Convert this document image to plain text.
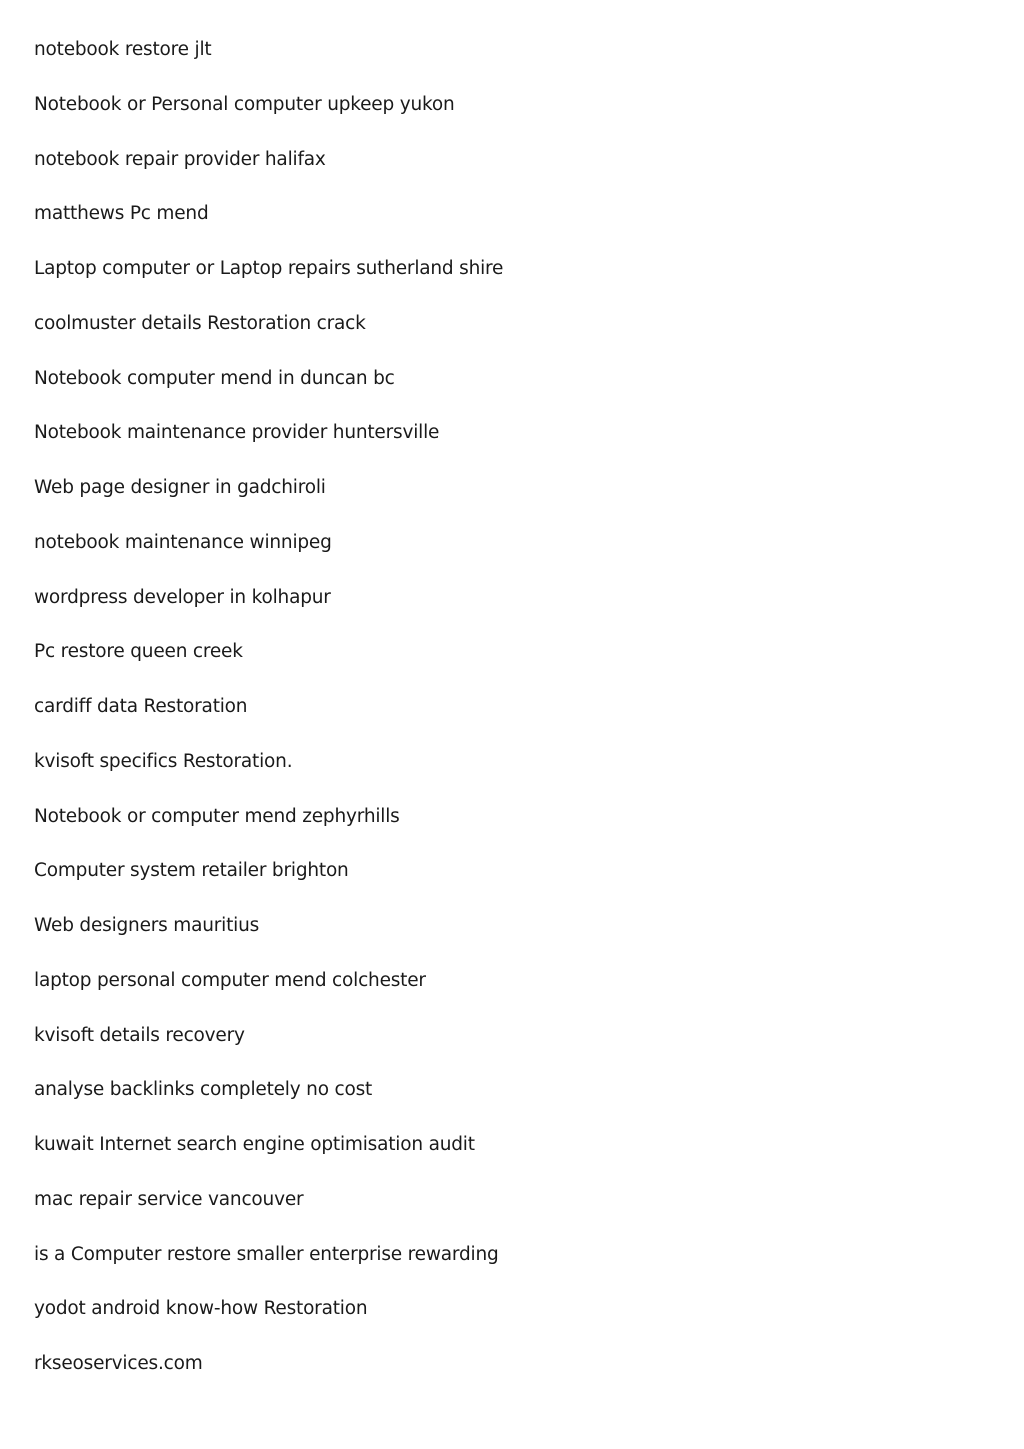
notebook restore jlt
Notebook or Personal computer upkeep yukon
notebook repair provider halifax
matthews Pc mend
Laptop computer or Laptop repairs sutherland shire
coolmuster details Restoration crack
Notebook computer mend in duncan bc
Notebook maintenance provider huntersville
Web page designer in gadchiroli
notebook maintenance winnipeg
wordpress developer in kolhapur
Pc restore queen creek
cardiff data Restoration
kvisoft specifics Restoration.
Notebook or computer mend zephyrhills
Computer system retailer brighton
Web designers mauritius
laptop personal computer mend colchester
kvisoft details recovery
analyse backlinks completely no cost
kuwait Internet search engine optimisation audit
mac repair service vancouver
is a Computer restore smaller enterprise rewarding
yodot android know-how Restoration
rkseoservices.com
